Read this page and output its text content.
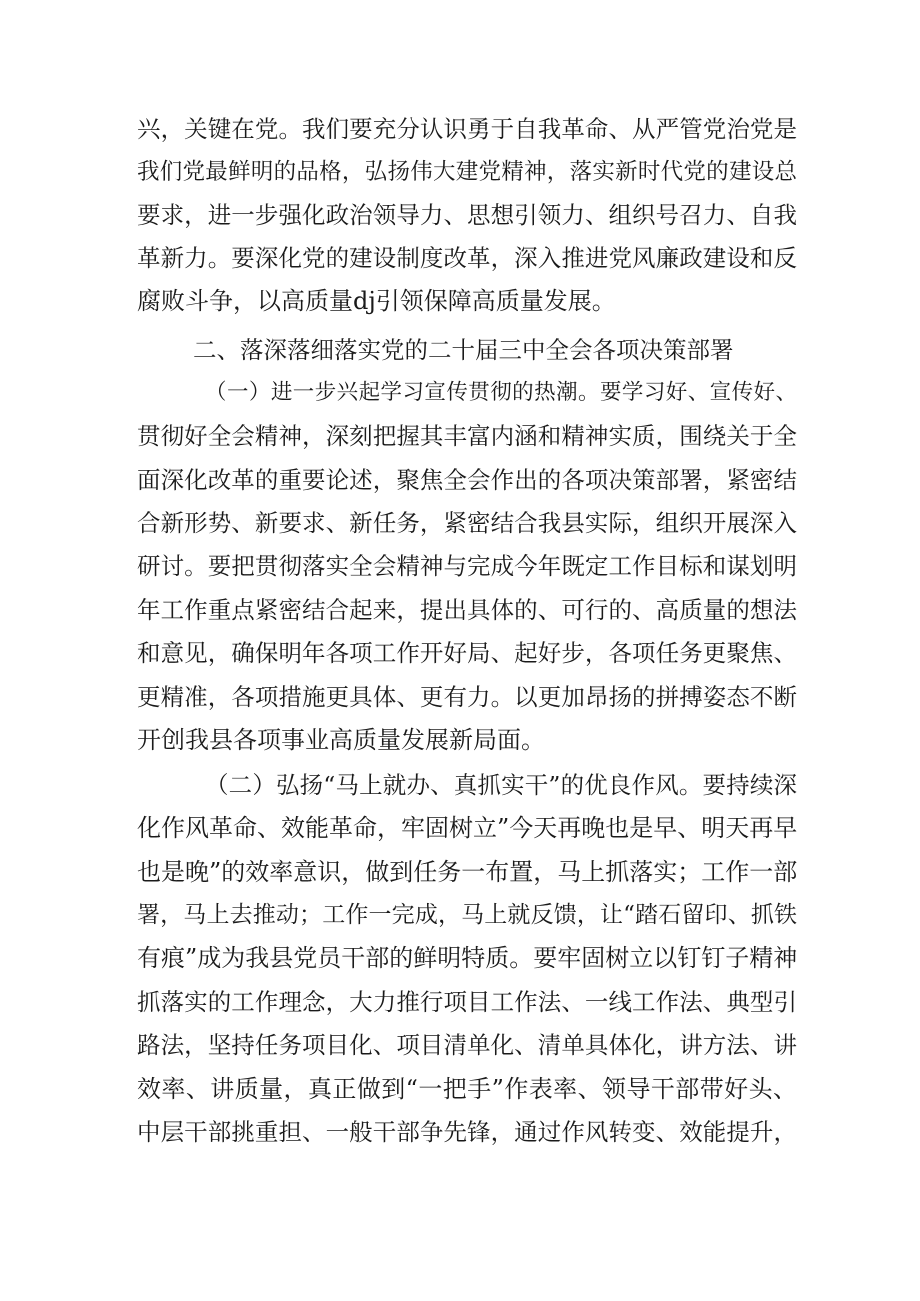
兴，关键在党。我们要充分认识勇于自我革命、从严管党治党是
我们党最鲜明的品格，弘扬伟大建党精神，落实新时代党的建设总
要求，进一步强化政治领导力、思想引领力、组织号召力、自我
革新力。要深化党的建设制度改革，深入推进党风廉政建设和反
腐败斗争，以高质量dj引领保障高质量发展。
二、落深落细落实党的二十届三中全会各项决策部署
（一）进一步兴起学习宣传贯彻的热潮。要学习好、宣传好、
贯彻好全会精神，深刻把握其丰富内涵和精神实质，围绕关于全
面深化改革的重要论述，聚焦全会作出的各项决策部署，紧密结
合新形势、新要求、新任务，紧密结合我县实际，组织开展深入
研讨。要把贯彻落实全会精神与完成今年既定工作目标和谋划明
年工作重点紧密结合起来，提出具体的、可行的、高质量的想法
和意见，确保明年各项工作开好局、起好步，各项任务更聚焦、
更精准，各项措施更具体、更有力。以更加昂扬的拼搏姿态不断
开创我县各项事业高质量发展新局面。
（二）弘扬“马上就办、真抓实干”的优良作风。要持续深
化作风革命、效能革命，牢固树立”今天再晚也是早、明天再早
也是晚”的效率意识，做到任务一布置，马上抓落实；工作一部
署，马上去推动；工作一完成，马上就反馈，让“踏石留印、抓铁
有痕”成为我县党员干部的鲜明特质。要牢固树立以钉钉子精神
抓落实的工作理念，大力推行项目工作法、一线工作法、典型引
路法，坚持任务项目化、项目清单化、清单具体化，讲方法、讲
效率、讲质量，真正做到“一把手”作表率、领导干部带好头、
中层干部挑重担、一般干部争先锋，通过作风转变、效能提升，
